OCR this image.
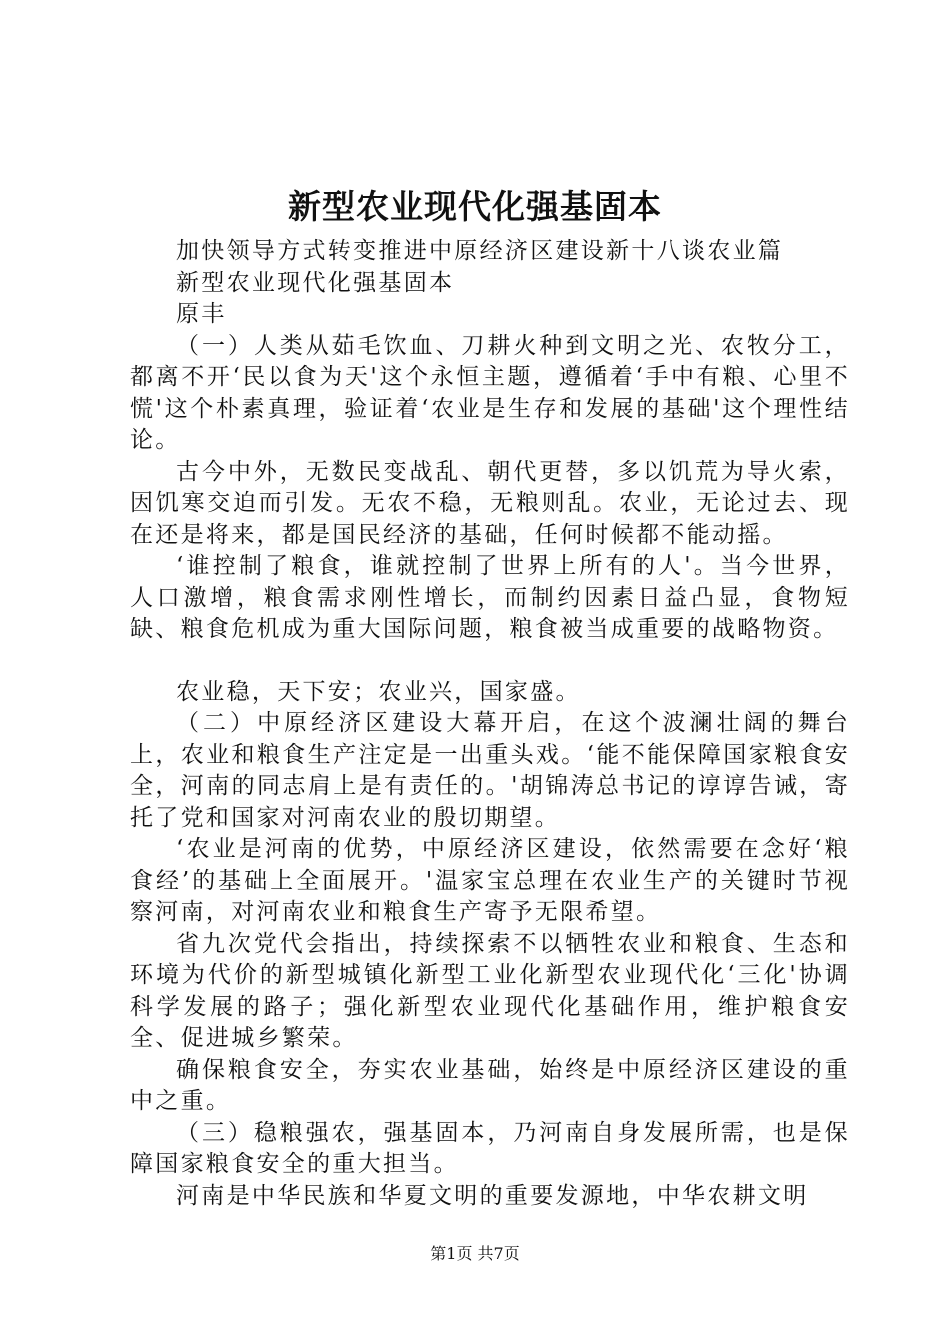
新型农业现代化强基固本

加快领导方式转变推进中原经济区建设新十八谈农业篇

新型农业现代化强基固本

原丰

（一）人类从茹毛饮血、刀耕火种到文明之光、农牧分工，都离不开‘民以食为天'这个永恒主题，遵循着‘手中有粮、心里不慌'这个朴素真理，验证着‘农业是生存和发展的基础'这个理性结论。

古今中外，无数民变战乱、朝代更替，多以饥荒为导火索，因饥寒交迫而引发。无农不稳，无粮则乱。农业，无论过去、现在还是将来，都是国民经济的基础，任何时候都不能动摇。

‘谁控制了粮食，谁就控制了世界上所有的人'。当今世界，人口激增，粮食需求刚性增长，而制约因素日益凸显，食物短缺、粮食危机成为重大国际问题，粮食被当成重要的战略物资。

农业稳，天下安；农业兴，国家盛。

（二）中原经济区建设大幕开启，在这个波澜壮阔的舞台上，农业和粮食生产注定是一出重头戏。‘能不能保障国家粮食安全，河南的同志肩上是有责任的。'胡锦涛总书记的谆谆告诫，寄托了党和国家对河南农业的殷切期望。

‘农业是河南的优势，中原经济区建设，依然需要在念好‘粮食经’的基础上全面展开。'温家宝总理在农业生产的关键时节视察河南，对河南农业和粮食生产寄予无限希望。

省九次党代会指出，持续探索不以牺牲农业和粮食、生态和环境为代价的新型城镇化新型工业化新型农业现代化‘三化'协调科学发展的路子；强化新型农业现代化基础作用，维护粮食安全、促进城乡繁荣。

确保粮食安全，夯实农业基础，始终是中原经济区建设的重中之重。

（三）稳粮强农，强基固本，乃河南自身发展所需，也是保障国家粮食安全的重大担当。

河南是中华民族和华夏文明的重要发源地，中华农耕文明

第1页 共7页
